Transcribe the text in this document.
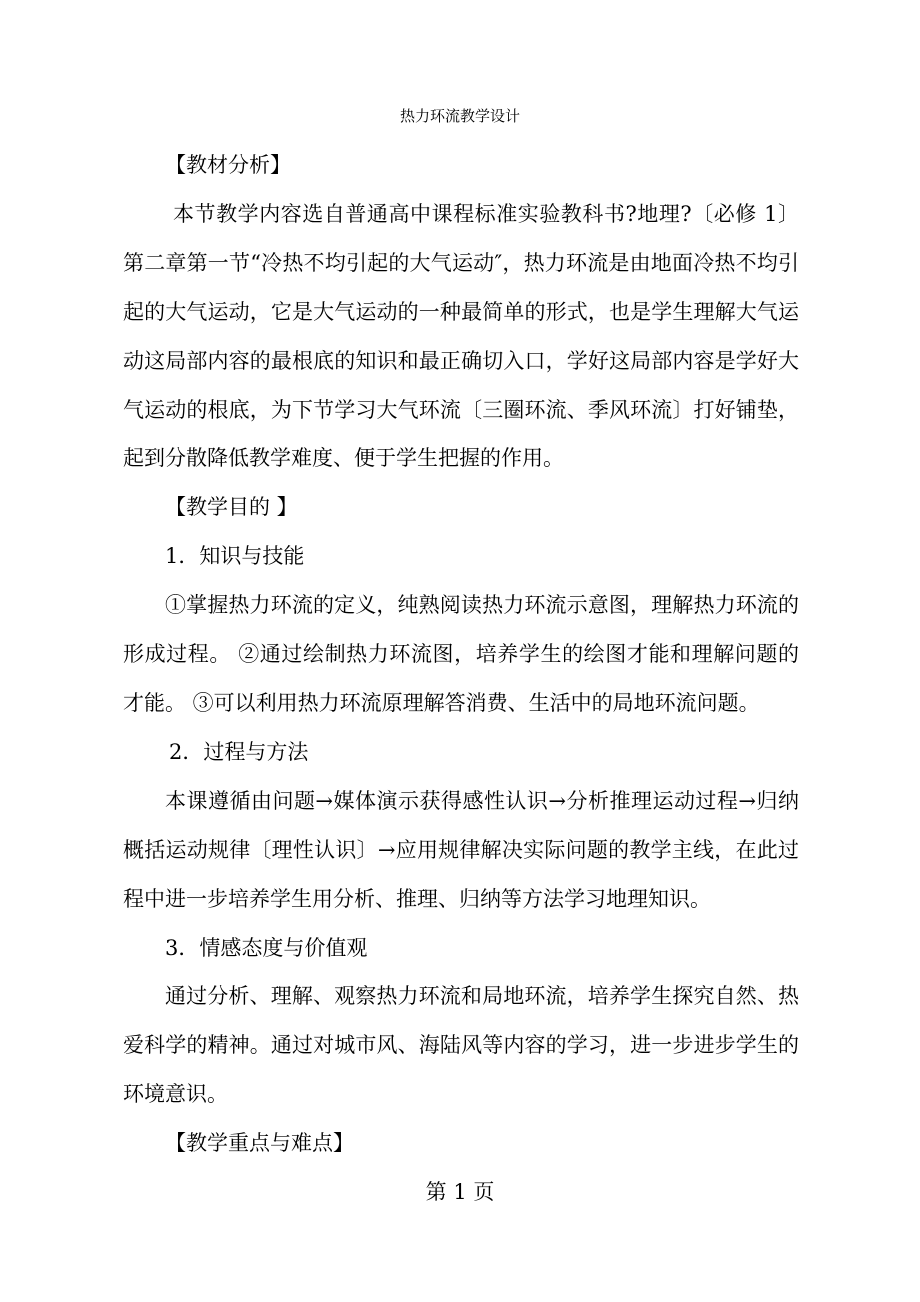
热力环流教学设计

【教材分析】

本节教学内容选自普通高中课程标准实验教科书?地理?〔必修 1〕第二章第一节“冷热不均引起的大气运动″，热力环流是由地面冷热不均引起的大气运动，它是大气运动的一种最简单的形式，也是学生理解大气运动这局部内容的最根底的知识和最正确切入口，学好这局部内容是学好大气运动的根底，为下节学习大气环流〔三圈环流、季风环流〕打好铺垫，起到分散降低教学难度、便于学生把握的作用。

【教学目的 】

1．知识与技能

①掌握热力环流的定义，纯熟阅读热力环流示意图，理解热力环流的形成过程。 ②通过绘制热力环流图，培养学生的绘图才能和理解问题的才能。 ③可以利用热力环流原理解答消费、生活中的局地环流问题。

2．过程与方法

本课遵循由问题→媒体演示获得感性认识→分析推理运动过程→归纳概括运动规律〔理性认识〕→应用规律解决实际问题的教学主线，在此过程中进一步培养学生用分析、推理、归纳等方法学习地理知识。

3．情感态度与价值观

通过分析、理解、观察热力环流和局地环流，培养学生探究自然、热爱科学的精神。通过对城市风、海陆风等内容的学习，进一步进步学生的环境意识。

【教学重点与难点】

第 1 页
